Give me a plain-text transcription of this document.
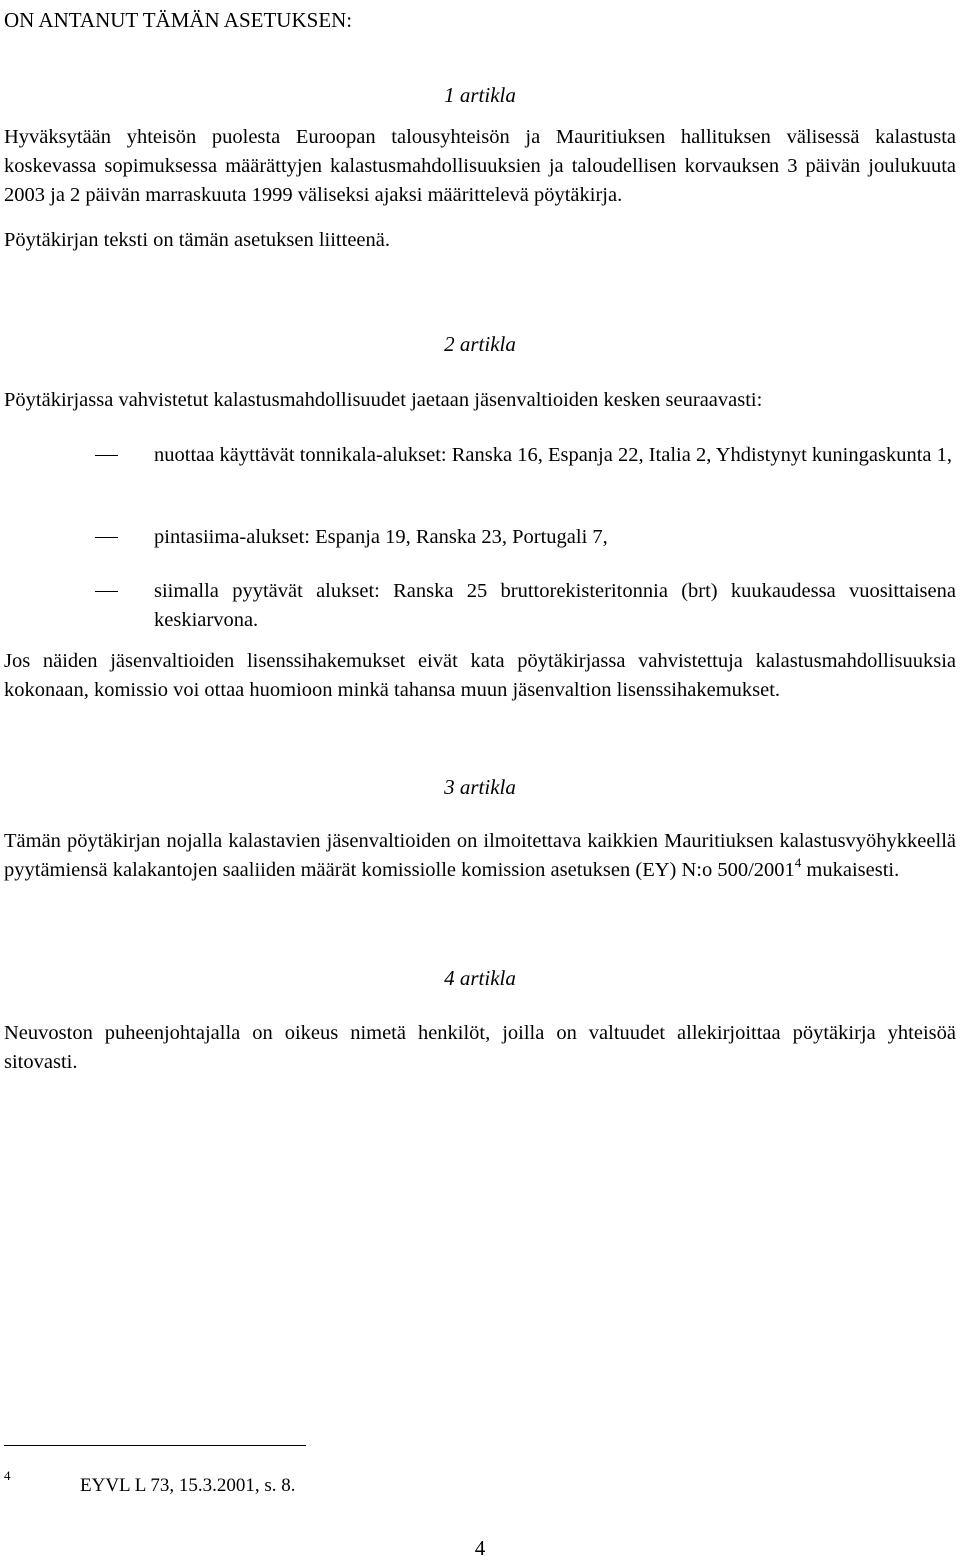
ON ANTANUT TÄMÄN ASETUKSEN:
1 artikla

Hyväksytään yhteisön puolesta Euroopan talousyhteisön ja Mauritiuksen hallituksen välisessä kalastusta koskevassa sopimuksessa määrättyjen kalastusmahdollisuuksien ja taloudellisen korvauksen 3 päivän joulukuuta 2003 ja 2 päivän marraskuuta 1999 väliseksi ajaksi määrittelevä pöytäkirja.

Pöytäkirjan teksti on tämän asetuksen liitteenä.

2 artikla

Pöytäkirjassa vahvistetut kalastusmahdollisuudet jaetaan jäsenvaltioiden kesken seuraavasti:

nuottaa käyttävät tonnikala-alukset: Ranska 16, Espanja 22, Italia 2, Yhdistynyt kuningaskunta 1,
pintasiima-alukset: Espanja 19, Ranska 23, Portugali 7,
siimalla pyytävät alukset: Ranska 25 bruttorekisteritonnia (brt) kuukaudessa vuosittaisena keskiarvona.

Jos näiden jäsenvaltioiden lisenssihakemukset eivät kata pöytäkirjassa vahvistettuja kalastusmahdollisuuksia kokonaan, komissio voi ottaa huomioon minkä tahansa muun jäsenvaltion lisenssihakemukset.

3 artikla

Tämän pöytäkirjan nojalla kalastavien jäsenvaltioiden on ilmoitettava kaikkien Mauritiuksen kalastusvyöhykkeellä pyytämiensä kalakantojen saaliiden määrät komissiolle komission asetuksen (EY) N:o 500/2001$^4$ mukaisesti.

4 artikla

Neuvoston puheenjohtajalla on oikeus nimetä henkilöt, joilla on valtuudet allekirjoittaa pöytäkirja yhteisöä sitovasti.

4	EYVL L 73, 15.3.2001, s. 8.
4
